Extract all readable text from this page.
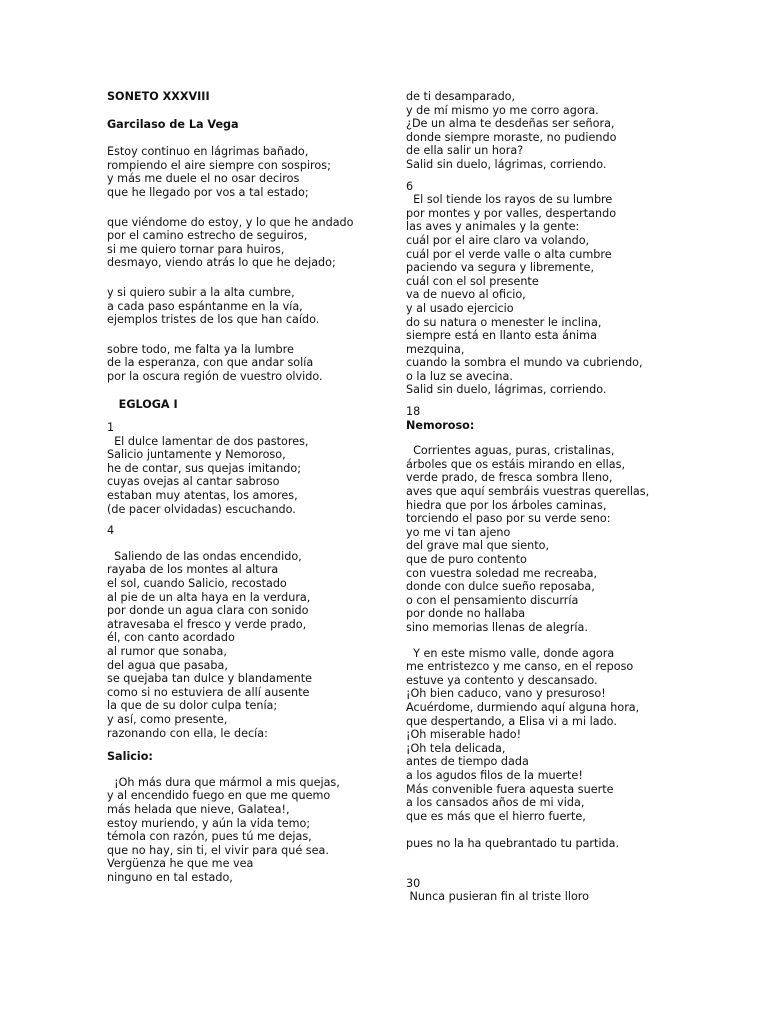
SONETO XXXVIII
Garcilaso de La Vega
Estoy continuo en lágrimas bañado,
rompiendo el aire siempre con sospiros;
y más me duele el no osar deciros
que he llegado por vos a tal estado;
que viéndome do estoy, y lo que he andado
por el camino estrecho de seguiros,
si me quiero tornar para huiros,
desmayo, viendo atrás lo que he dejado;
y si quiero subir a la alta cumbre,
a cada paso espántanme en la vía,
ejemplos tristes de los que han caído.
sobre todo, me falta ya la lumbre
de la esperanza, con que andar solía
por la oscura región de vuestro olvido.
EGLOGA I
1
El dulce lamentar de dos pastores,
Salicio juntamente y Nemoroso,
he de contar, sus quejas imitando;
cuyas ovejas al cantar sabroso
estaban muy atentas, los amores,
(de pacer olvidadas) escuchando.
4
Saliendo de las ondas encendido,
rayaba de los montes al altura
el sol, cuando Salicio, recostado
al pie de un alta haya en la verdura,
por donde un agua clara con sonido
atravesaba el fresco y verde prado,
él, con canto acordado
al rumor que sonaba,
del agua que pasaba,
se quejaba tan dulce y blandamente
como si no estuviera de allí ausente
la que de su dolor culpa tenía;
y así, como presente,
razonando con ella, le decía:
Salicio:
¡Oh más dura que mármol a mis quejas,
y al encendido fuego en que me quemo
más helada que nieve, Galatea!,
estoy muriendo, y aún la vida temo;
témola con razón, pues tú me dejas,
que no hay, sin ti, el vivir para qué sea.
Vergüenza he que me vea
ninguno en tal estado,
de ti desamparado,
y de mí mismo yo me corro agora.
¿De un alma te desdeñas ser señora,
donde siempre moraste, no pudiendo
de ella salir un hora?
Salid sin duelo, lágrimas, corriendo.
6
El sol tiende los rayos de su lumbre
por montes y por valles, despertando
las aves y animales y la gente:
cuál por el aire claro va volando,
cuál por el verde valle o alta cumbre
paciendo va segura y libremente,
cuál con el sol presente
va de nuevo al oficio,
y al usado ejercicio
do su natura o menester le inclina,
siempre está en llanto esta ánima
mezquina,
cuando la sombra el mundo va cubriendo,
o la luz se avecina.
Salid sin duelo, lágrimas, corriendo.
18
Nemoroso:
Corrientes aguas, puras, cristalinas,
árboles que os estáis mirando en ellas,
verde prado, de fresca sombra lleno,
aves que aquí sembráis vuestras querellas,
hiedra que por los árboles caminas,
torciendo el paso por su verde seno:
yo me vi tan ajeno
del grave mal que siento,
que de puro contento
con vuestra soledad me recreaba,
donde con dulce sueño reposaba,
o con el pensamiento discurría
por donde no hallaba
sino memorias llenas de alegría.
Y en este mismo valle, donde agora
me entristezco y me canso, en el reposo
estuve ya contento y descansado.
¡Oh bien caduco, vano y presuroso!
Acuérdome, durmiendo aquí alguna hora,
que despertando, a Elisa vi a mi lado.
¡Oh miserable hado!
¡Oh tela delicada,
antes de tiempo dada
a los agudos filos de la muerte!
Más convenible fuera aquesta suerte
a los cansados años de mi vida,
que es más que el hierro fuerte,
pues no la ha quebrantado tu partida.
30
Nunca pusieran fin al triste lloro
